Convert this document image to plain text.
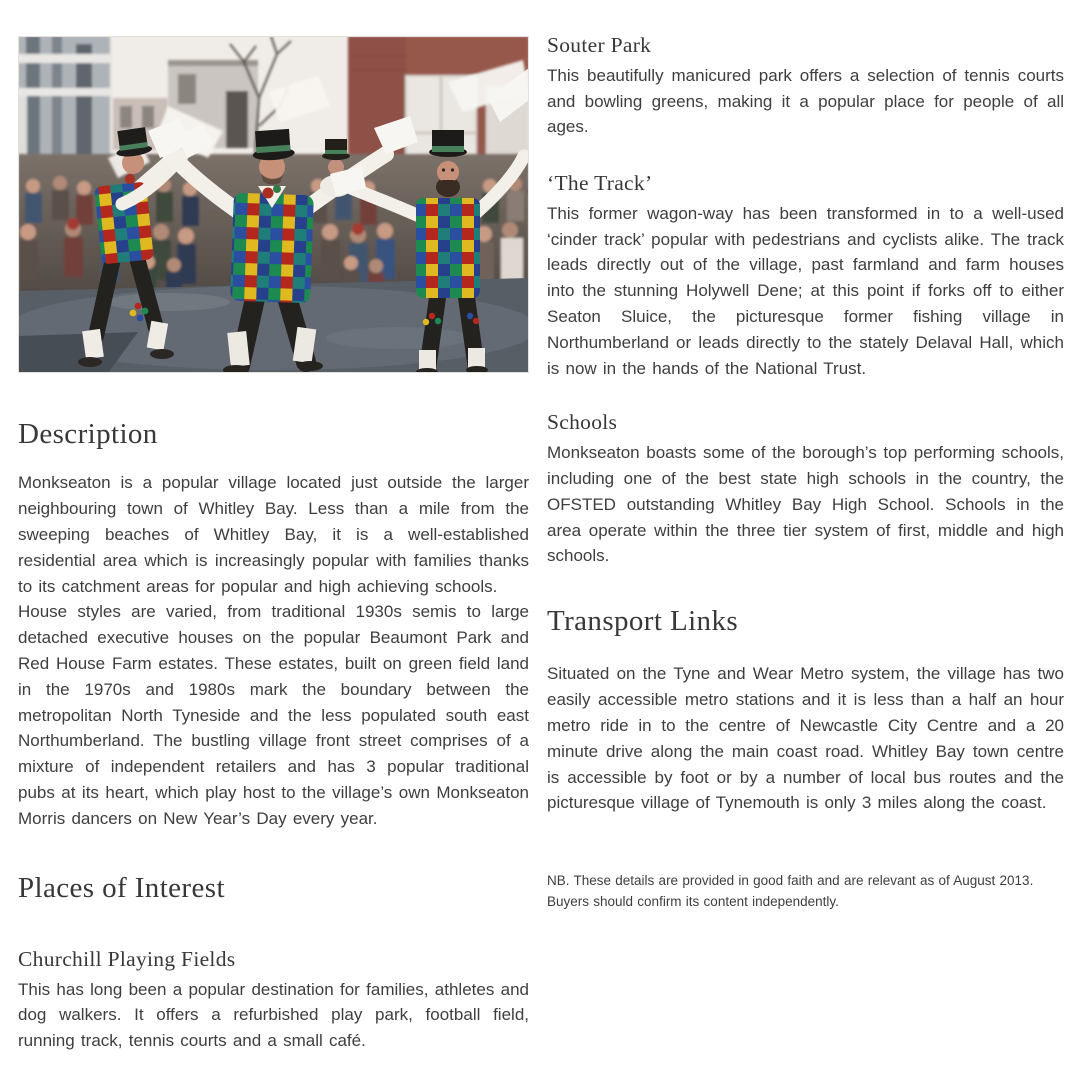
Description

Monkseaton is a popular village located just outside the larger neighbouring town of Whitley Bay. Less than a mile from the sweeping beaches of Whitley Bay, it is a well-established residential area which is increasingly popular with families thanks to its catchment areas for popular and high achieving schools.

House styles are varied, from traditional 1930s semis to large detached executive houses on the popular Beaumont Park and Red House Farm estates. These estates, built on green field land in the 1970s and 1980s mark the boundary between the metropolitan North Tyneside and the less populated south east Northumberland. The bustling village front street comprises of a mixture of independent retailers and has 3 popular traditional pubs at its heart, which play host to the village’s own Monkseaton Morris dancers on New Year’s Day every year.

Places of Interest
Churchill Playing Fields

This has long been a popular destination for families, athletes and dog walkers. It offers a refurbished play park, football field, running track, tennis courts and a small café.

Souter Park

This beautifully manicured park offers a selection of tennis courts and bowling greens, making it a popular place for people of all ages.

‘The Track’

This former wagon-way has been transformed in to a well-used ‘cinder track’ popular with pedestrians and cyclists alike. The track leads directly out of the village, past farmland and farm houses into the stunning Holywell Dene; at this point if forks off to either Seaton Sluice, the picturesque former fishing village in Northumberland or leads directly to the stately Delaval Hall, which is now in the hands of the National Trust.

Schools

Monkseaton boasts some of the borough’s top performing schools, including one of the best state high schools in the country, the OFSTED outstanding Whitley Bay High School. Schools in the area operate within the three tier system of first, middle and high schools.

Transport Links

Situated on the Tyne and Wear Metro system, the village has two easily accessible metro stations and it is less than a half an hour metro ride in to the centre of Newcastle City Centre and a 20 minute drive along the main coast road. Whitley Bay town centre is accessible by foot or by a number of local bus routes and the picturesque village of Tynemouth is only 3 miles along the coast.

NB. These details are provided in good faith and are relevant as of August 2013.
Buyers should confirm its content independently.
